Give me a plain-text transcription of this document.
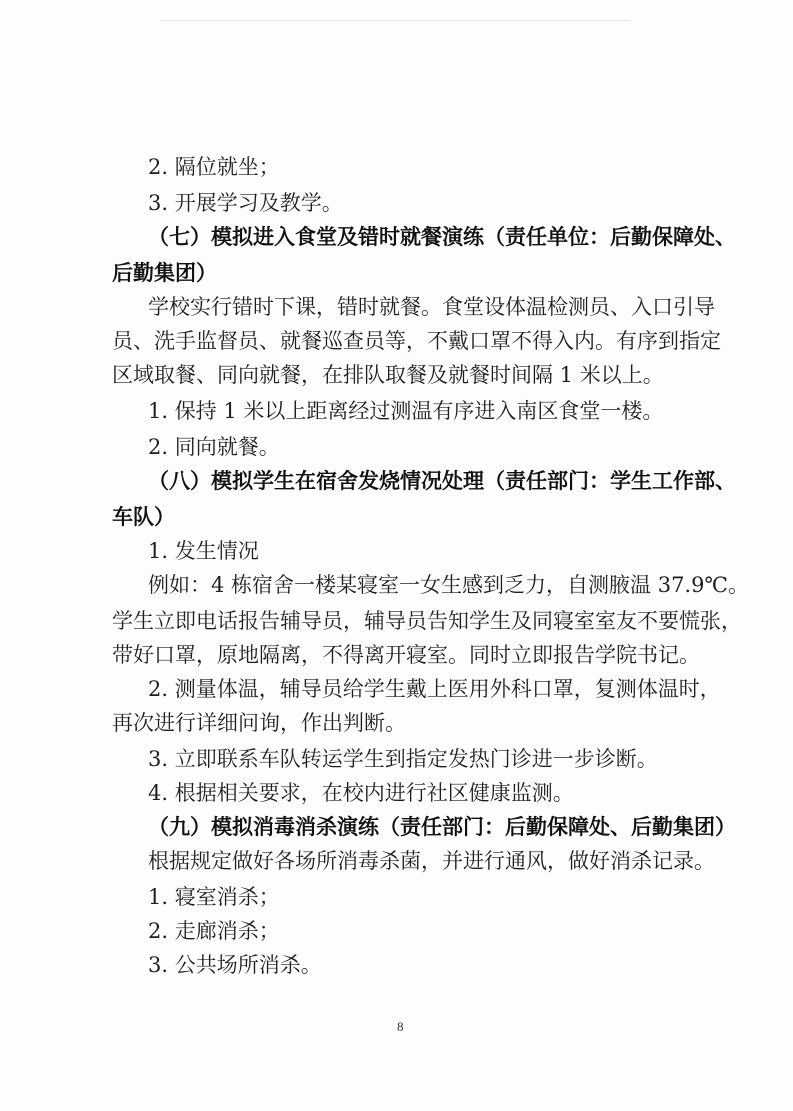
2. 隔位就坐；
3. 开展学习及教学。
（七）模拟进入食堂及错时就餐演练（责任单位：后勤保障处、
后勤集团）
学校实行错时下课，错时就餐。食堂设体温检测员、入口引导
员、洗手监督员、就餐巡查员等，不戴口罩不得入内。有序到指定
区域取餐、同向就餐，在排队取餐及就餐时间隔 1 米以上。
1. 保持 1 米以上距离经过测温有序进入南区食堂一楼。
2. 同向就餐。
（八）模拟学生在宿舍发烧情况处理（责任部门：学生工作部、
车队）
1. 发生情况
例如：4 栋宿舍一楼某寝室一女生感到乏力，自测腋温 37.9℃。
学生立即电话报告辅导员，辅导员告知学生及同寝室室友不要慌张，
带好口罩，原地隔离，不得离开寝室。同时立即报告学院书记。
2. 测量体温，辅导员给学生戴上医用外科口罩，复测体温时，
再次进行详细问询，作出判断。
3. 立即联系车队转运学生到指定发热门诊进一步诊断。
4. 根据相关要求，在校内进行社区健康监测。
（九）模拟消毒消杀演练（责任部门：后勤保障处、后勤集团）
根据规定做好各场所消毒杀菌，并进行通风，做好消杀记录。
1. 寝室消杀；
2. 走廊消杀；
3. 公共场所消杀。
8
